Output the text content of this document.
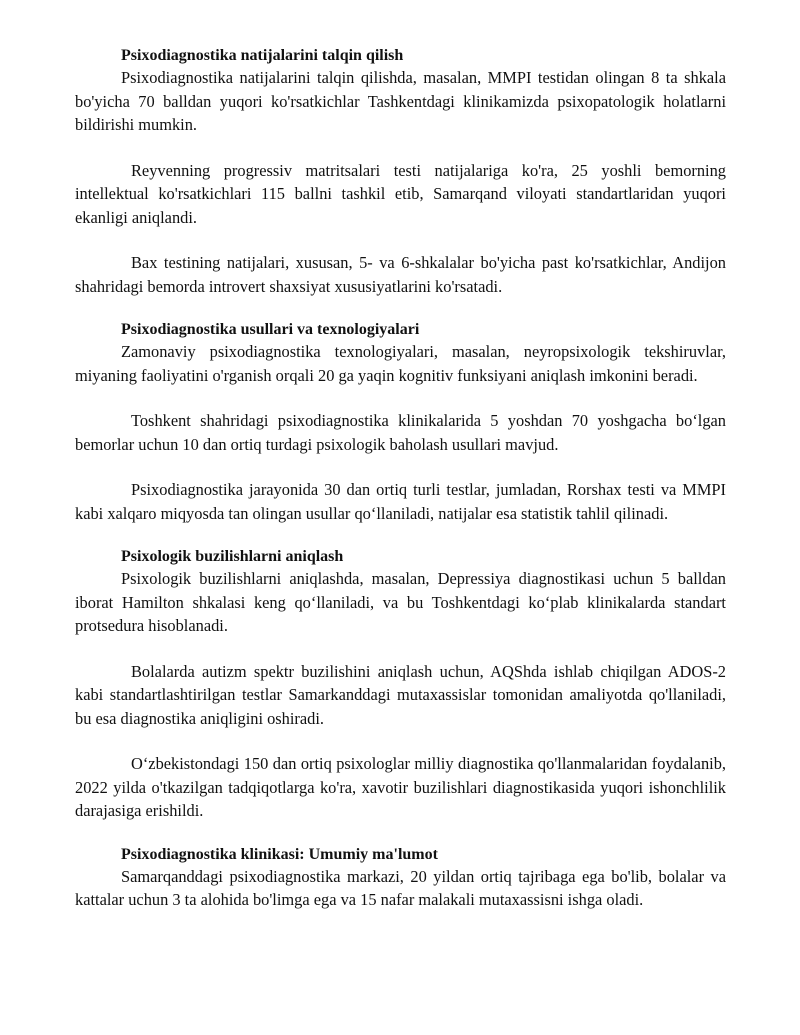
Psixodiagnostika natijalarini talqin qilish

Psixodiagnostika natijalarini talqin qilishda, masalan, MMPI testidan olingan 8 ta shkala bo'yicha 70 balldan yuqori ko'rsatkichlar Tashkentdagi klinikamizda psixopatologik holatlarni bildirishi mumkin.

Reyvenning progressiv matritsalari testi natijalariga ko'ra, 25 yoshli bemorning intellektual ko'rsatkichlari 115 ballni tashkil etib, Samarqand viloyati standartlaridan yuqori ekanligi aniqlandi.

Bax testining natijalari, xususan, 5- va 6-shkalalar bo'yicha past ko'rsatkichlar, Andijon shahridagi bemorda introvert shaxsiyat xususiyatlarini ko'rsatadi.

Psixodiagnostika usullari va texnologiyalari

Zamonaviy psixodiagnostika texnologiyalari, masalan, neyropsixologik tekshiruvlar, miyaning faoliyatini o'rganish orqali 20 ga yaqin kognitiv funksiyani aniqlash imkonini beradi.

Toshkent shahridagi psixodiagnostika klinikalarida 5 yoshdan 70 yoshgacha bo‘lgan bemorlar uchun 10 dan ortiq turdagi psixologik baholash usullari mavjud.

Psixodiagnostika jarayonida 30 dan ortiq turli testlar, jumladan, Rorshax testi va MMPI kabi xalqaro miqyosda tan olingan usullar qo‘llaniladi, natijalar esa statistik tahlil qilinadi.

Psixologik buzilishlarni aniqlash

Psixologik buzilishlarni aniqlashda, masalan, Depressiya diagnostikasi uchun 5 balldan iborat Hamilton shkalasi keng qo‘llaniladi, va bu Toshkentdagi ko‘plab klinikalarda standart protsedura hisoblanadi.

Bolalarda autizm spektr buzilishini aniqlash uchun, AQShda ishlab chiqilgan ADOS-2 kabi standartlashtirilgan testlar Samarkanddagi mutaxassislar tomonidan amaliyotda qo'llaniladi, bu esa diagnostika aniqligini oshiradi.

O‘zbekistondagi 150 dan ortiq psixologlar milliy diagnostika qo'llanmalaridan foydalanib, 2022 yilda o'tkazilgan tadqiqotlarga ko'ra, xavotir buzilishlari diagnostikasida yuqori ishonchlilik darajasiga erishildi.

Psixodiagnostika klinikasi: Umumiy ma'lumot

Samarqanddagi psixodiagnostika markazi, 20 yildan ortiq tajribaga ega bo'lib, bolalar va kattalar uchun 3 ta alohida bo'limga ega va 15 nafar malakali mutaxassisni ishga oladi.
